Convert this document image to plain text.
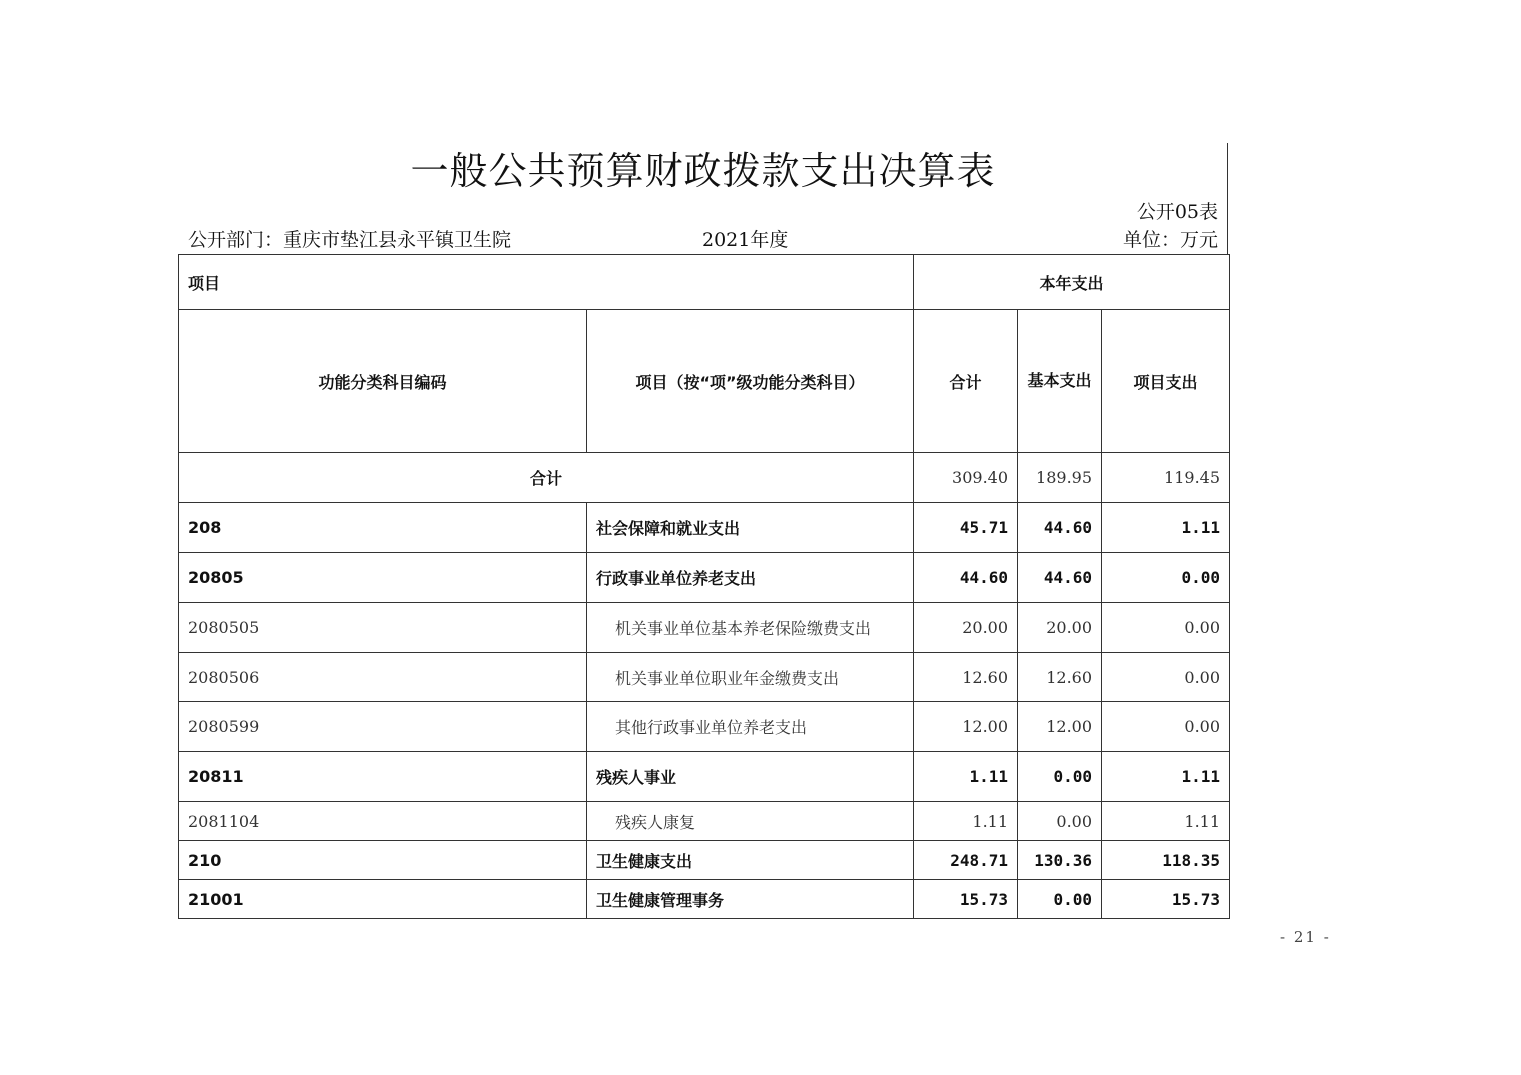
一般公共预算财政拨款支出决算表
公开05表
公开部门：重庆市垫江县永平镇卫生院	2021年度	单位：万元
项目		本年支出		
功能分类科目编码	项目（按“项”级功能分类科目）	合计	基本支出	项目支出
合计		309.40	189.95	119.45
208	社会保障和就业支出	45.71	44.60	1.11
20805	行政事业单位养老支出	44.60	44.60	0.00
2080505	机关事业单位基本养老保险缴费支出	20.00	20.00	0.00
2080506	机关事业单位职业年金缴费支出	12.60	12.60	0.00
2080599	其他行政事业单位养老支出	12.00	12.00	0.00
20811	残疾人事业	1.11	0.00	1.11
2081104	残疾人康复	1.11	0.00	1.11
210	卫生健康支出	248.71	130.36	118.35
21001	卫生健康管理事务	15.73	0.00	15.73
- 21 -
